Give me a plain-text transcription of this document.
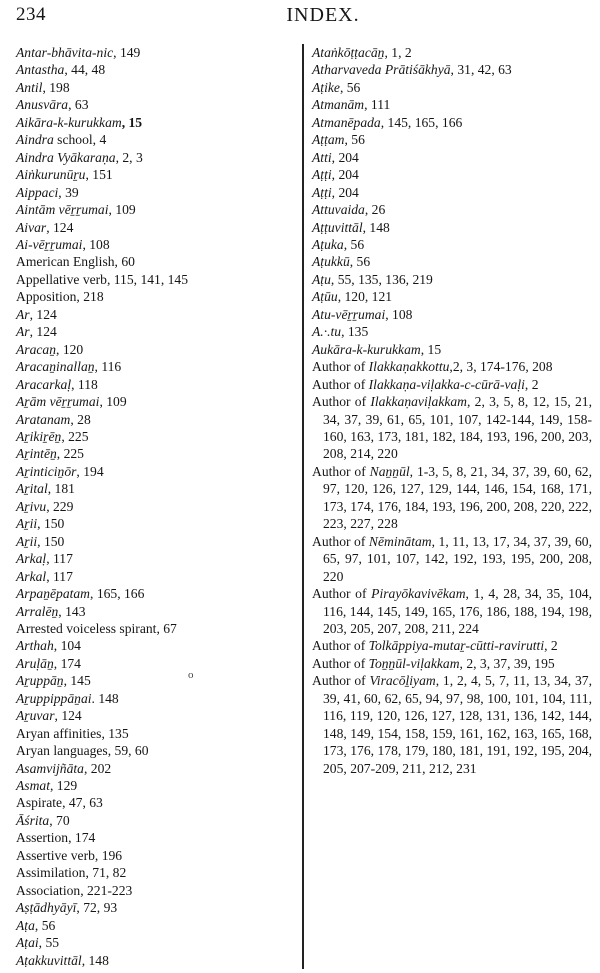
234	INDEX.

Antar-bhāvita-nic, 149

Antastha, 44, 48

Antil, 198

Anusvāra, 63

Aikāra-k-kurukkam, 15

Aindra school, 4

Aindra Vyākaraṇa, 2, 3

Aiṅkurunūṟu, 151

Aippaci, 39

Aintām vēṟṟumai, 109

Aivar, 124

Ai-vēṟṟumai, 108

American English, 60

Appellative verb, 115, 141, 145

Apposition, 218

Ar, 124

Ar, 124

Aracaṉ, 120

Aracaṉinallaṉ, 116

Aracarkaḷ, 118

Aṟām vēṟṟumai, 109

Aratanam, 28

Aṟikiṟēṉ, 225

Aṟintēṉ, 225

Aṟinticiṉōr, 194

Aṟital, 181

Aṟivu, 229

Aṟii, 150

Aṟii, 150

Arkaḷ, 117

Arkal, 117

Arpaṉēpatam, 165, 166

Arralēṉ, 143

Arrested voiceless spirant, 67

Arthah, 104

Aruḷāṉ, 174

Aṟuppāṉ, 145

Aṟuppippāṉai. 148

Aṟuvar, 124

Aryan affinities, 135

Aryan languages, 59, 60

Asamvijñāta, 202

Asmat, 129

Aspirate, 47, 63

Āśrita, 70

Assertion, 174

Assertive verb, 196

Assimilation, 71, 82

Association, 221-223

Aṣṭādhyāyī, 72, 93

Aṭa, 56

Aṭai, 55

Aṭakkuvittāl, 148

Ataṅkōṭṭacāṉ, 1, 2

Atharvaveda Prātiśākhyā, 31, 42, 63

Aṭike, 56

Atmanām, 111

Atmanēpada, 145, 165, 166

Aṭṭam, 56

Atti, 204

Aṭṭi, 204

Aṭṭi, 204

Attuvaida, 26

Aṭṭuvittāl, 148

Aṭuka, 56

Aṭukkū, 56

Aṭu, 55, 135, 136, 219

Aṭūu, 120, 121

Atu-vēṟṟumai, 108

A.·.tu, 135

Aukāra-k-kurukkam, 15

Author of Ilakkaṇakkottu,2, 3, 174-176, 208

Author of Ilakkaṇa-viḷakka-c-cūrā-vaḷi, 2

Author of Ilakkaṇaviḷakkam, 2, 3, 5, 8, 12, 15, 21, 34, 37, 39, 61, 65, 101, 107, 142-144, 149, 158-160, 163, 173, 181, 182, 184, 193, 196, 200, 203, 208, 214, 220

Author of Naṉṉūl, 1-3, 5, 8, 21, 34, 37, 39, 60, 62, 97, 120, 126, 127, 129, 144, 146, 154, 168, 171, 173, 174, 176, 184, 193, 196, 200, 208, 220, 222, 223, 227, 228

Author of Nēminātam, 1, 11, 13, 17, 34, 37, 39, 60, 65, 97, 101, 107, 142, 192, 193, 195, 200, 208, 220

Author of Pirayōkavivēkam, 1, 4, 28, 34, 35, 104, 116, 144, 145, 149, 165, 176, 186, 188, 194, 198, 203, 205, 207, 208, 211, 224

Author of Tolkāppiya-mutaṟ-cūtti-ravirutti, 2

Author of Toṉṉūl-viḷakkam, 2, 3, 37, 39, 195

Author of Viracōḻiyam, 1, 2, 4, 5, 7, 11, 13, 34, 37, 39, 41, 60, 62, 65, 94, 97, 98, 100, 101, 104, 111, 116, 119, 120, 126, 127, 128, 131, 136, 142, 144, 148, 149, 154, 158, 159, 161, 162, 163, 165, 168, 173, 176, 178, 179, 180, 181, 191, 192, 195, 204, 205, 207-209, 211, 212, 231

o
